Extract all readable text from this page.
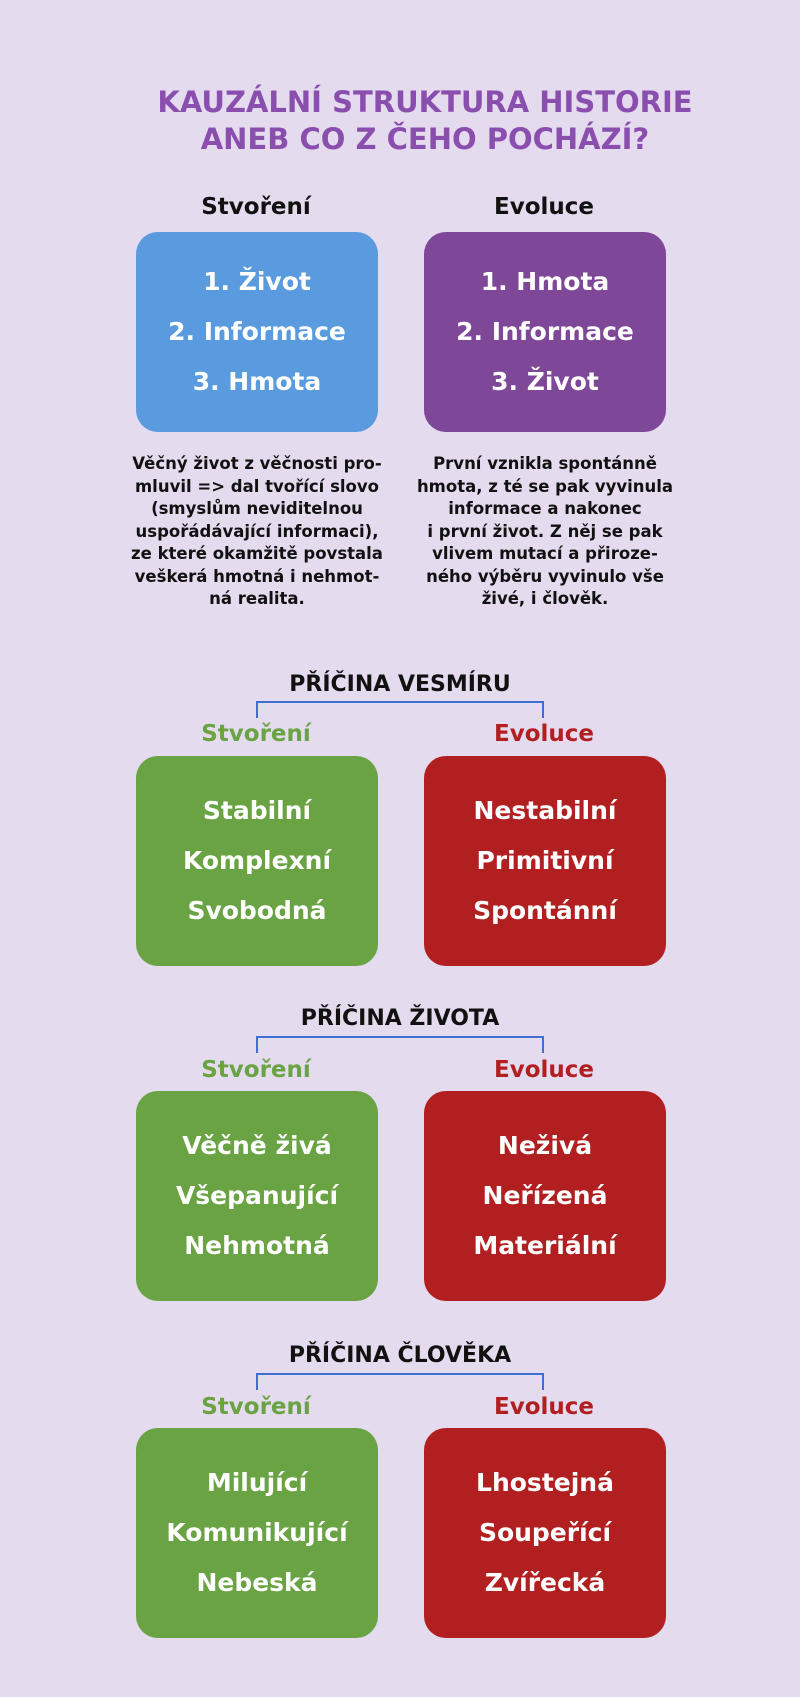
KAUZÁLNÍ STRUKTURA HISTORIE
ANEB CO Z ČEHO POCHÁZÍ?
Stvoření	Evoluce
1. Život
2. Informace
3. Hmota
1. Hmota
2. Informace
3. Život
Věčný život z věčnosti pro-
mluvil => dal tvořící slovo
(smyslům neviditelnou
uspořádávající informaci),
ze které okamžitě povstala
veškerá hmotná i nehmot-
ná realita.
První vznikla spontánně
hmota, z té se pak vyvinula
informace a nakonec
i první život. Z něj se pak
vlivem mutací a přiroze-
ného výběru vyvinulo vše
živé, i člověk.
PŘÍČINA VESMÍRU
Stvoření	Evoluce
Stabilní
Komplexní
Svobodná
Nestabilní
Primitivní
Spontánní
PŘÍČINA ŽIVOTA
Stvoření	Evoluce
Věčně živá
Všepanující
Nehmotná
Neživá
Neřízená
Materiální
PŘÍČINA ČLOVĚKA
Stvoření	Evoluce
Milující
Komunikující
Nebeská
Lhostejná
Soupeřící
Zvířecká
